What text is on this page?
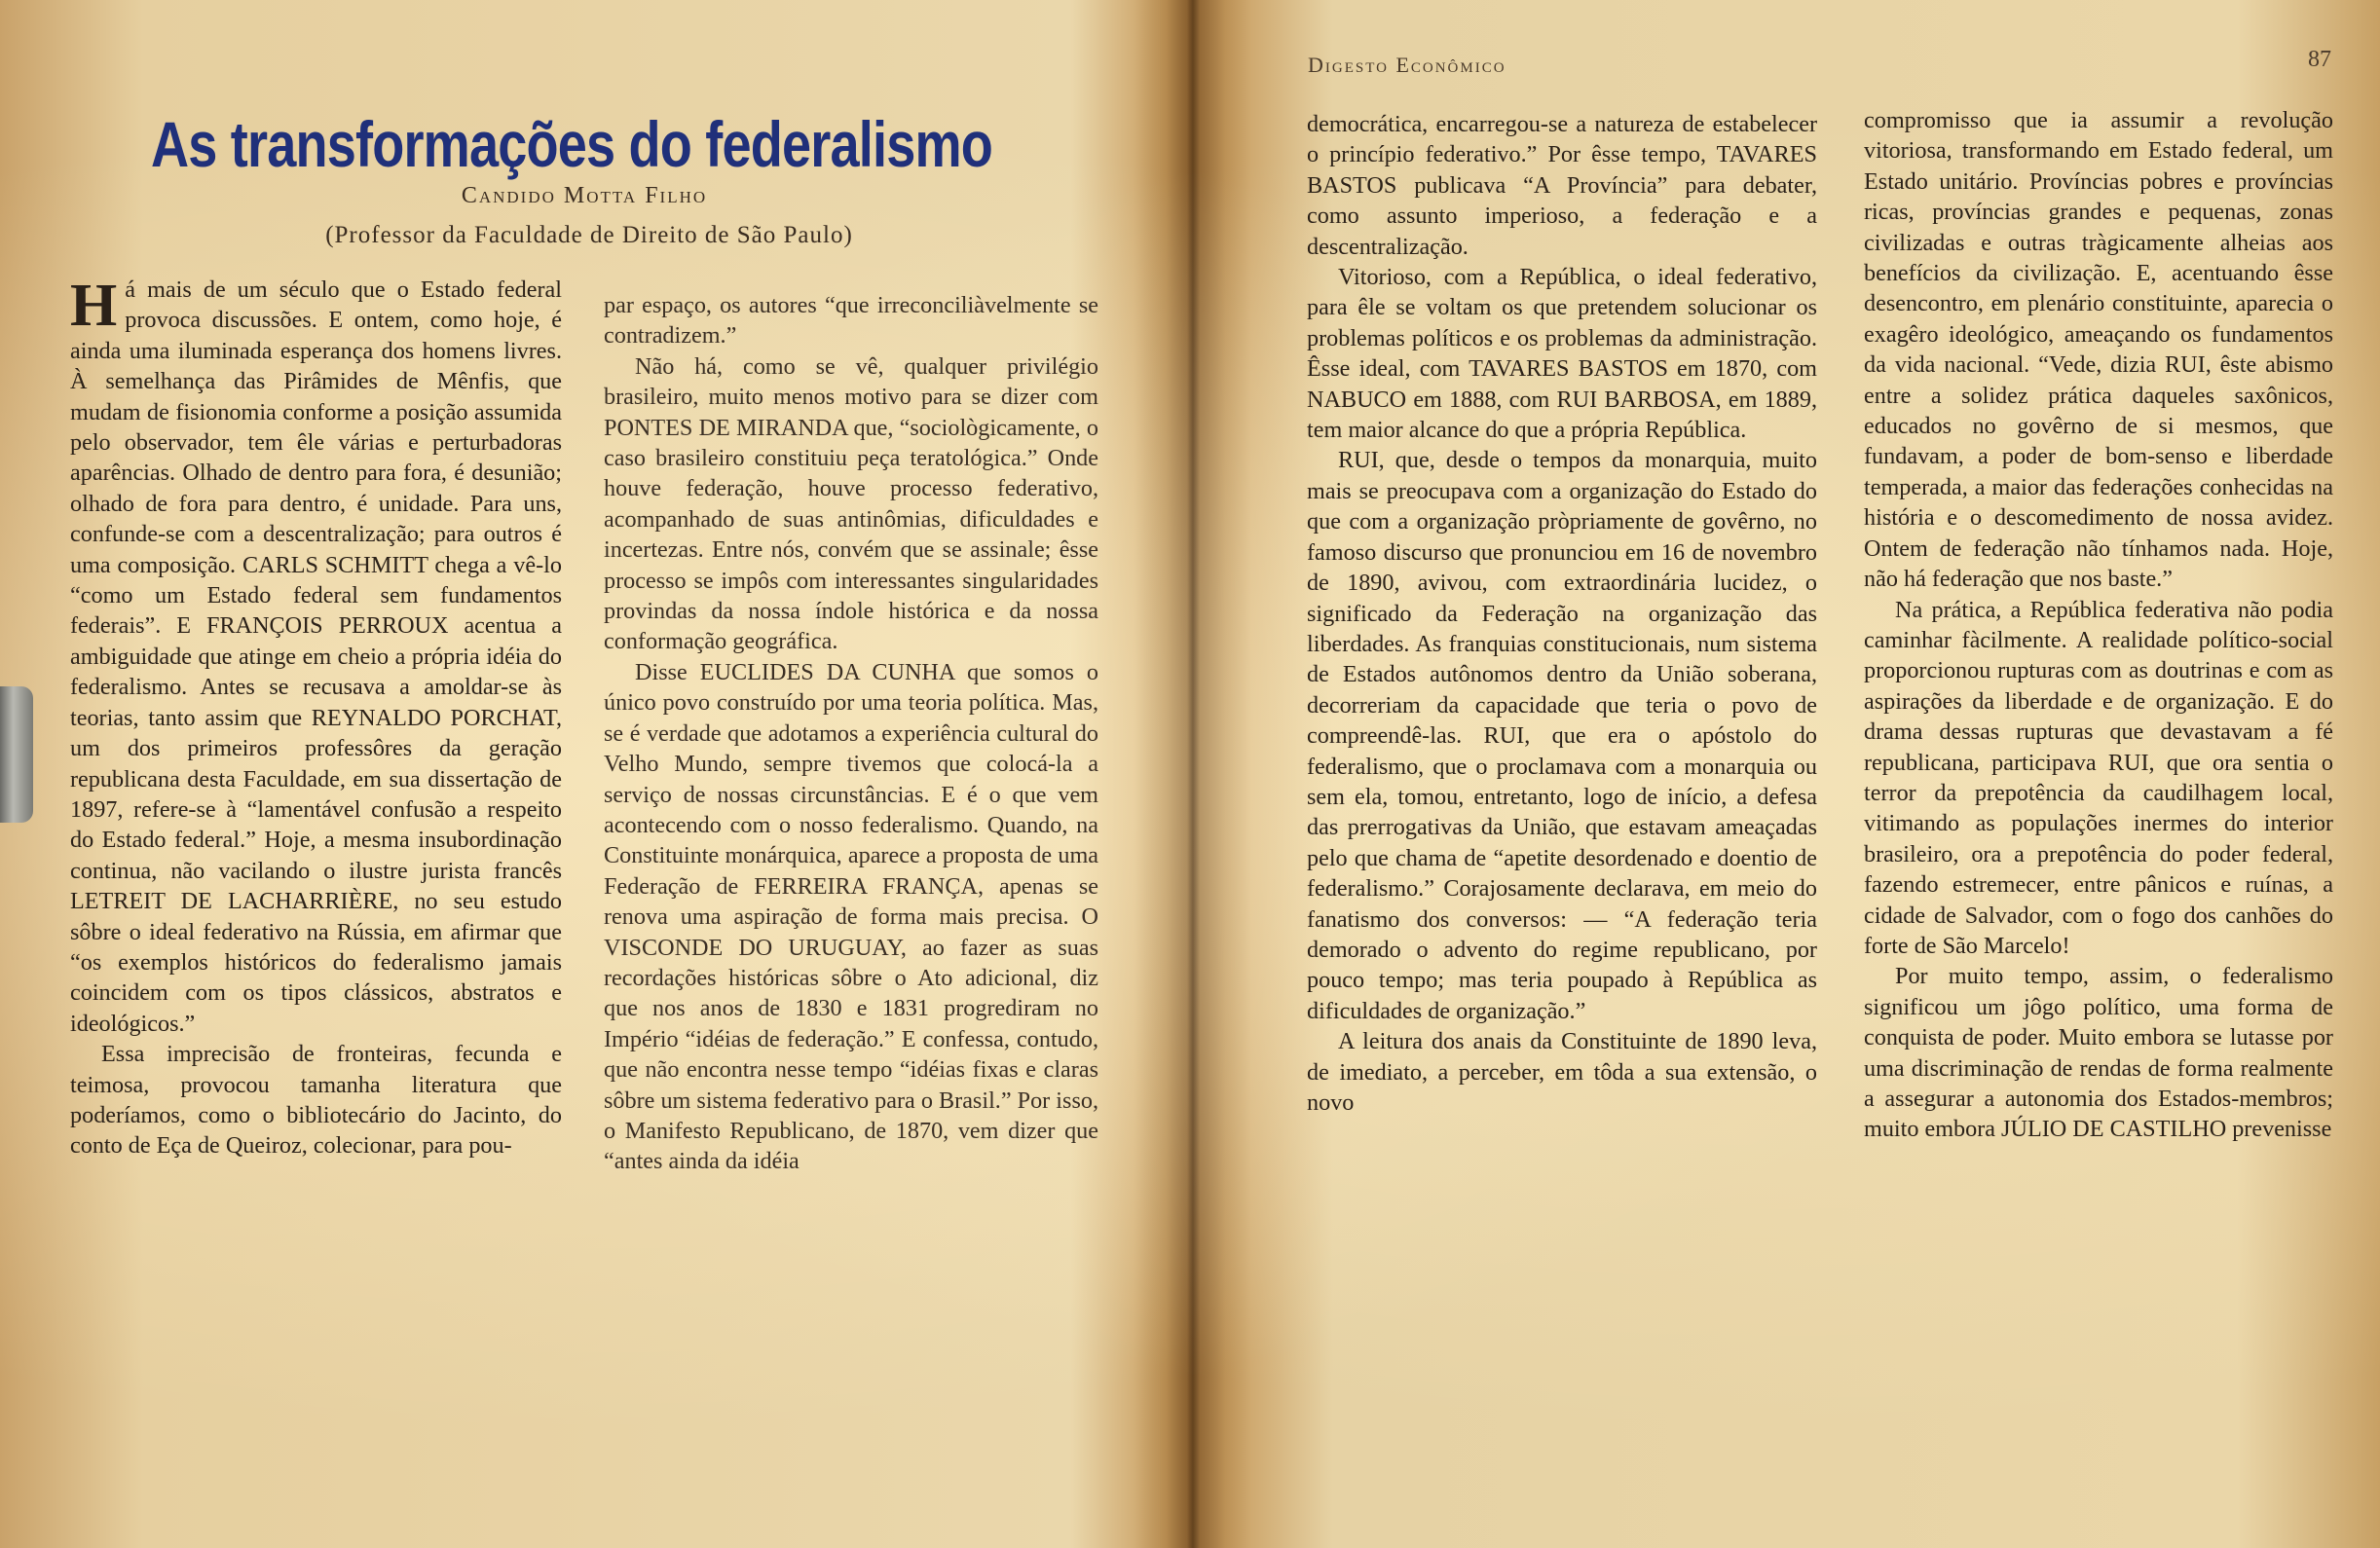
As transformações do federalismo
Candido Motta Filho
(Professor da Faculdade de Direito de São Paulo)

Há mais de um século que o Estado federal provoca discussões. E ontem, como hoje, é ainda uma iluminada esperança dos homens livres. À semelhança das Pirâmides de Mênfis, que mudam de fisionomia conforme a posição assumida pelo observador, tem êle várias e perturbadoras aparências. Olhado de dentro para fora, é desunião; olhado de fora para dentro, é unidade. Para uns, confunde-se com a descentralização; para outros é uma composição. CARLS SCHMITT chega a vê-lo “como um Estado federal sem fundamentos federais”. E FRANÇOIS PERROUX acentua a ambiguidade que atinge em cheio a própria idéia do federalismo. Antes se recusava a amoldar-se às teorias, tanto assim que REYNALDO PORCHAT, um dos primeiros professôres da geração republicana desta Faculdade, em sua dissertação de 1897, refere-se à “lamentável confusão a respeito do Estado federal.” Hoje, a mesma insubordinação continua, não vacilando o ilustre jurista francês LETREIT DE LACHARRIÈRE, no seu estudo sôbre o ideal federativo na Rússia, em afirmar que “os exemplos históricos do federalismo jamais coincidem com os tipos clássicos, abstratos e ideológicos.”

Essa imprecisão de fronteiras, fecunda e teimosa, provocou tamanha literatura que poderíamos, como o bibliotecário do Jacinto, do conto de Eça de Queiroz, colecionar, para pou-

par espaço, os autores “que irreconciliàvelmente se contradizem.”

Não há, como se vê, qualquer privilégio brasileiro, muito menos motivo para se dizer com PONTES DE MIRANDA que, “sociològicamente, o caso brasileiro constituiu peça teratológica.” Onde houve federação, houve processo federativo, acompanhado de suas antinômias, dificuldades e incertezas. Entre nós, convém que se assinale; êsse processo se impôs com interessantes singularidades provindas da nossa índole histórica e da nossa conformação geográfica.

Disse EUCLIDES DA CUNHA que somos o único povo construído por uma teoria política. Mas, se é verdade que adotamos a experiência cultural do Velho Mundo, sempre tivemos que colocá-la a serviço de nossas circunstâncias. E é o que vem acontecendo com o nosso federalismo. Quando, na Constituinte monárquica, aparece a proposta de uma Federação de FERREIRA FRANÇA, apenas se renova uma aspiração de forma mais precisa. O VISCONDE DO URUGUAY, ao fazer as suas recordações históricas sôbre o Ato adicional, diz que nos anos de 1830 e 1831 progrediram no Império “idéias de federação.” E confessa, contudo, que não encontra nesse tempo “idéias fixas e claras sôbre um sistema federativo para o Brasil.” Por isso, o Manifesto Republicano, de 1870, vem dizer que “antes ainda da idéia

Digesto Econômico	87

democrática, encarregou-se a natureza de estabelecer o princípio federativo.” Por êsse tempo, TAVARES BASTOS publicava “A Província” para debater, como assunto imperioso, a federação e a descentralização.

Vitorioso, com a República, o ideal federativo, para êle se voltam os que pretendem solucionar os problemas políticos e os problemas da administração. Êsse ideal, com TAVARES BASTOS em 1870, com NABUCO em 1888, com RUI BARBOSA, em 1889, tem maior alcance do que a própria República.

RUI, que, desde o tempos da monarquia, muito mais se preocupava com a organização do Estado do que com a organização pròpriamente de govêrno, no famoso discurso que pronunciou em 16 de novembro de 1890, avivou, com extraordinária lucidez, o significado da Federação na organização das liberdades. As franquias constitucionais, num sistema de Estados autônomos dentro da União soberana, decorreriam da capacidade que teria o povo de compreendê-las. RUI, que era o apóstolo do federalismo, que o proclamava com a monarquia ou sem ela, tomou, entretanto, logo de início, a defesa das prerrogativas da União, que estavam ameaçadas pelo que chama de “apetite desordenado e doentio de federalismo.” Corajosamente declarava, em meio do fanatismo dos conversos: — “A federação teria demorado o advento do regime republicano, por pouco tempo; mas teria poupado à República as dificuldades de organização.”

A leitura dos anais da Constituinte de 1890 leva, de imediato, a perceber, em tôda a sua extensão, o novo

compromisso que ia assumir a revolução vitoriosa, transformando em Estado federal, um Estado unitário. Províncias pobres e províncias ricas, províncias grandes e pequenas, zonas civilizadas e outras tràgicamente alheias aos benefícios da civilização. E, acentuando êsse desencontro, em plenário constituinte, aparecia o exagêro ideológico, ameaçando os fundamentos da vida nacional. “Vede, dizia RUI, êste abismo entre a solidez prática daqueles saxônicos, educados no govêrno de si mesmos, que fundavam, a poder de bom-senso e liberdade temperada, a maior das federações conhecidas na história e o descomedimento de nossa avidez. Ontem de federação não tínhamos nada. Hoje, não há federação que nos baste.”

Na prática, a República federativa não podia caminhar fàcilmente. A realidade político-social proporcionou rupturas com as doutrinas e com as aspirações da liberdade e de organização. E do drama dessas rupturas que devastavam a fé republicana, participava RUI, que ora sentia o terror da prepotência da caudilhagem local, vitimando as populações inermes do interior brasileiro, ora a prepotência do poder federal, fazendo estremecer, entre pânicos e ruínas, a cidade de Salvador, com o fogo dos canhões do forte de São Marcelo!

Por muito tempo, assim, o federalismo significou um jôgo político, uma forma de conquista de poder. Muito embora se lutasse por uma discriminação de rendas de forma realmente a assegurar a autonomia dos Estados-membros; muito embora JÚLIO DE CASTILHO prevenisse
